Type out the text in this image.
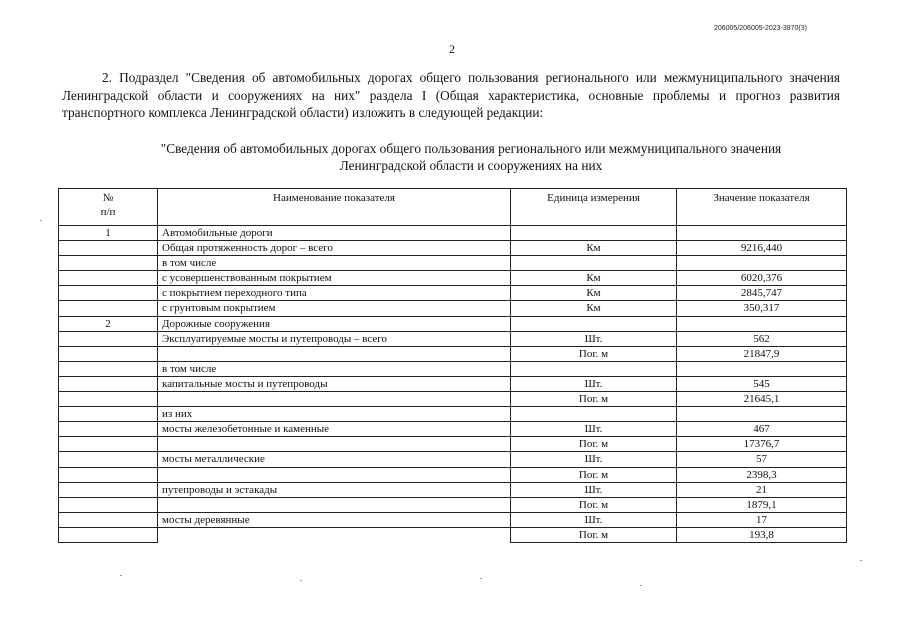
206005/206005-2023-3870(3)
2

2. Подраздел "Сведения об автомобильных дорогах общего пользования регионального или межмуниципального значения Ленинградской области и сооружениях на них" раздела I (Общая характеристика, основные проблемы и прогноз развития транспортного комплекса Ленинградской области) изложить в следующей редакции:

"Сведения об автомобильных дорогах общего пользования регионального или межмуниципального значения
Ленинградской области и сооружениях на них
№
п/п	Наименование показателя	Единица измерения	Значение показателя
1	Автомобильные дороги		
	Общая протяженность дорог – всего	Км	9216,440
	в том числе		
	с усовершенствованным покрытием	Км	6020,376
	с покрытием переходного типа	Км	2845,747
	с грунтовым покрытием	Км	350,317
2	Дорожные сооружения		
	Эксплуатируемые мосты и путепроводы – всего	Шт.	562
		Пог. м	21847,9
	в том числе		
	капитальные мосты и путепроводы	Шт.	545
		Пог. м	21645,1
	из них		
	мосты железобетонные и каменные	Шт.	467
		Пог. м	17376,7
	мосты металлические	Шт.	57
		Пог. м	2398,3
	путепроводы и эстакады	Шт.	21
		Пог. м	1879,1
	мосты деревянные	Шт.	17
		Пог. м	193,8
